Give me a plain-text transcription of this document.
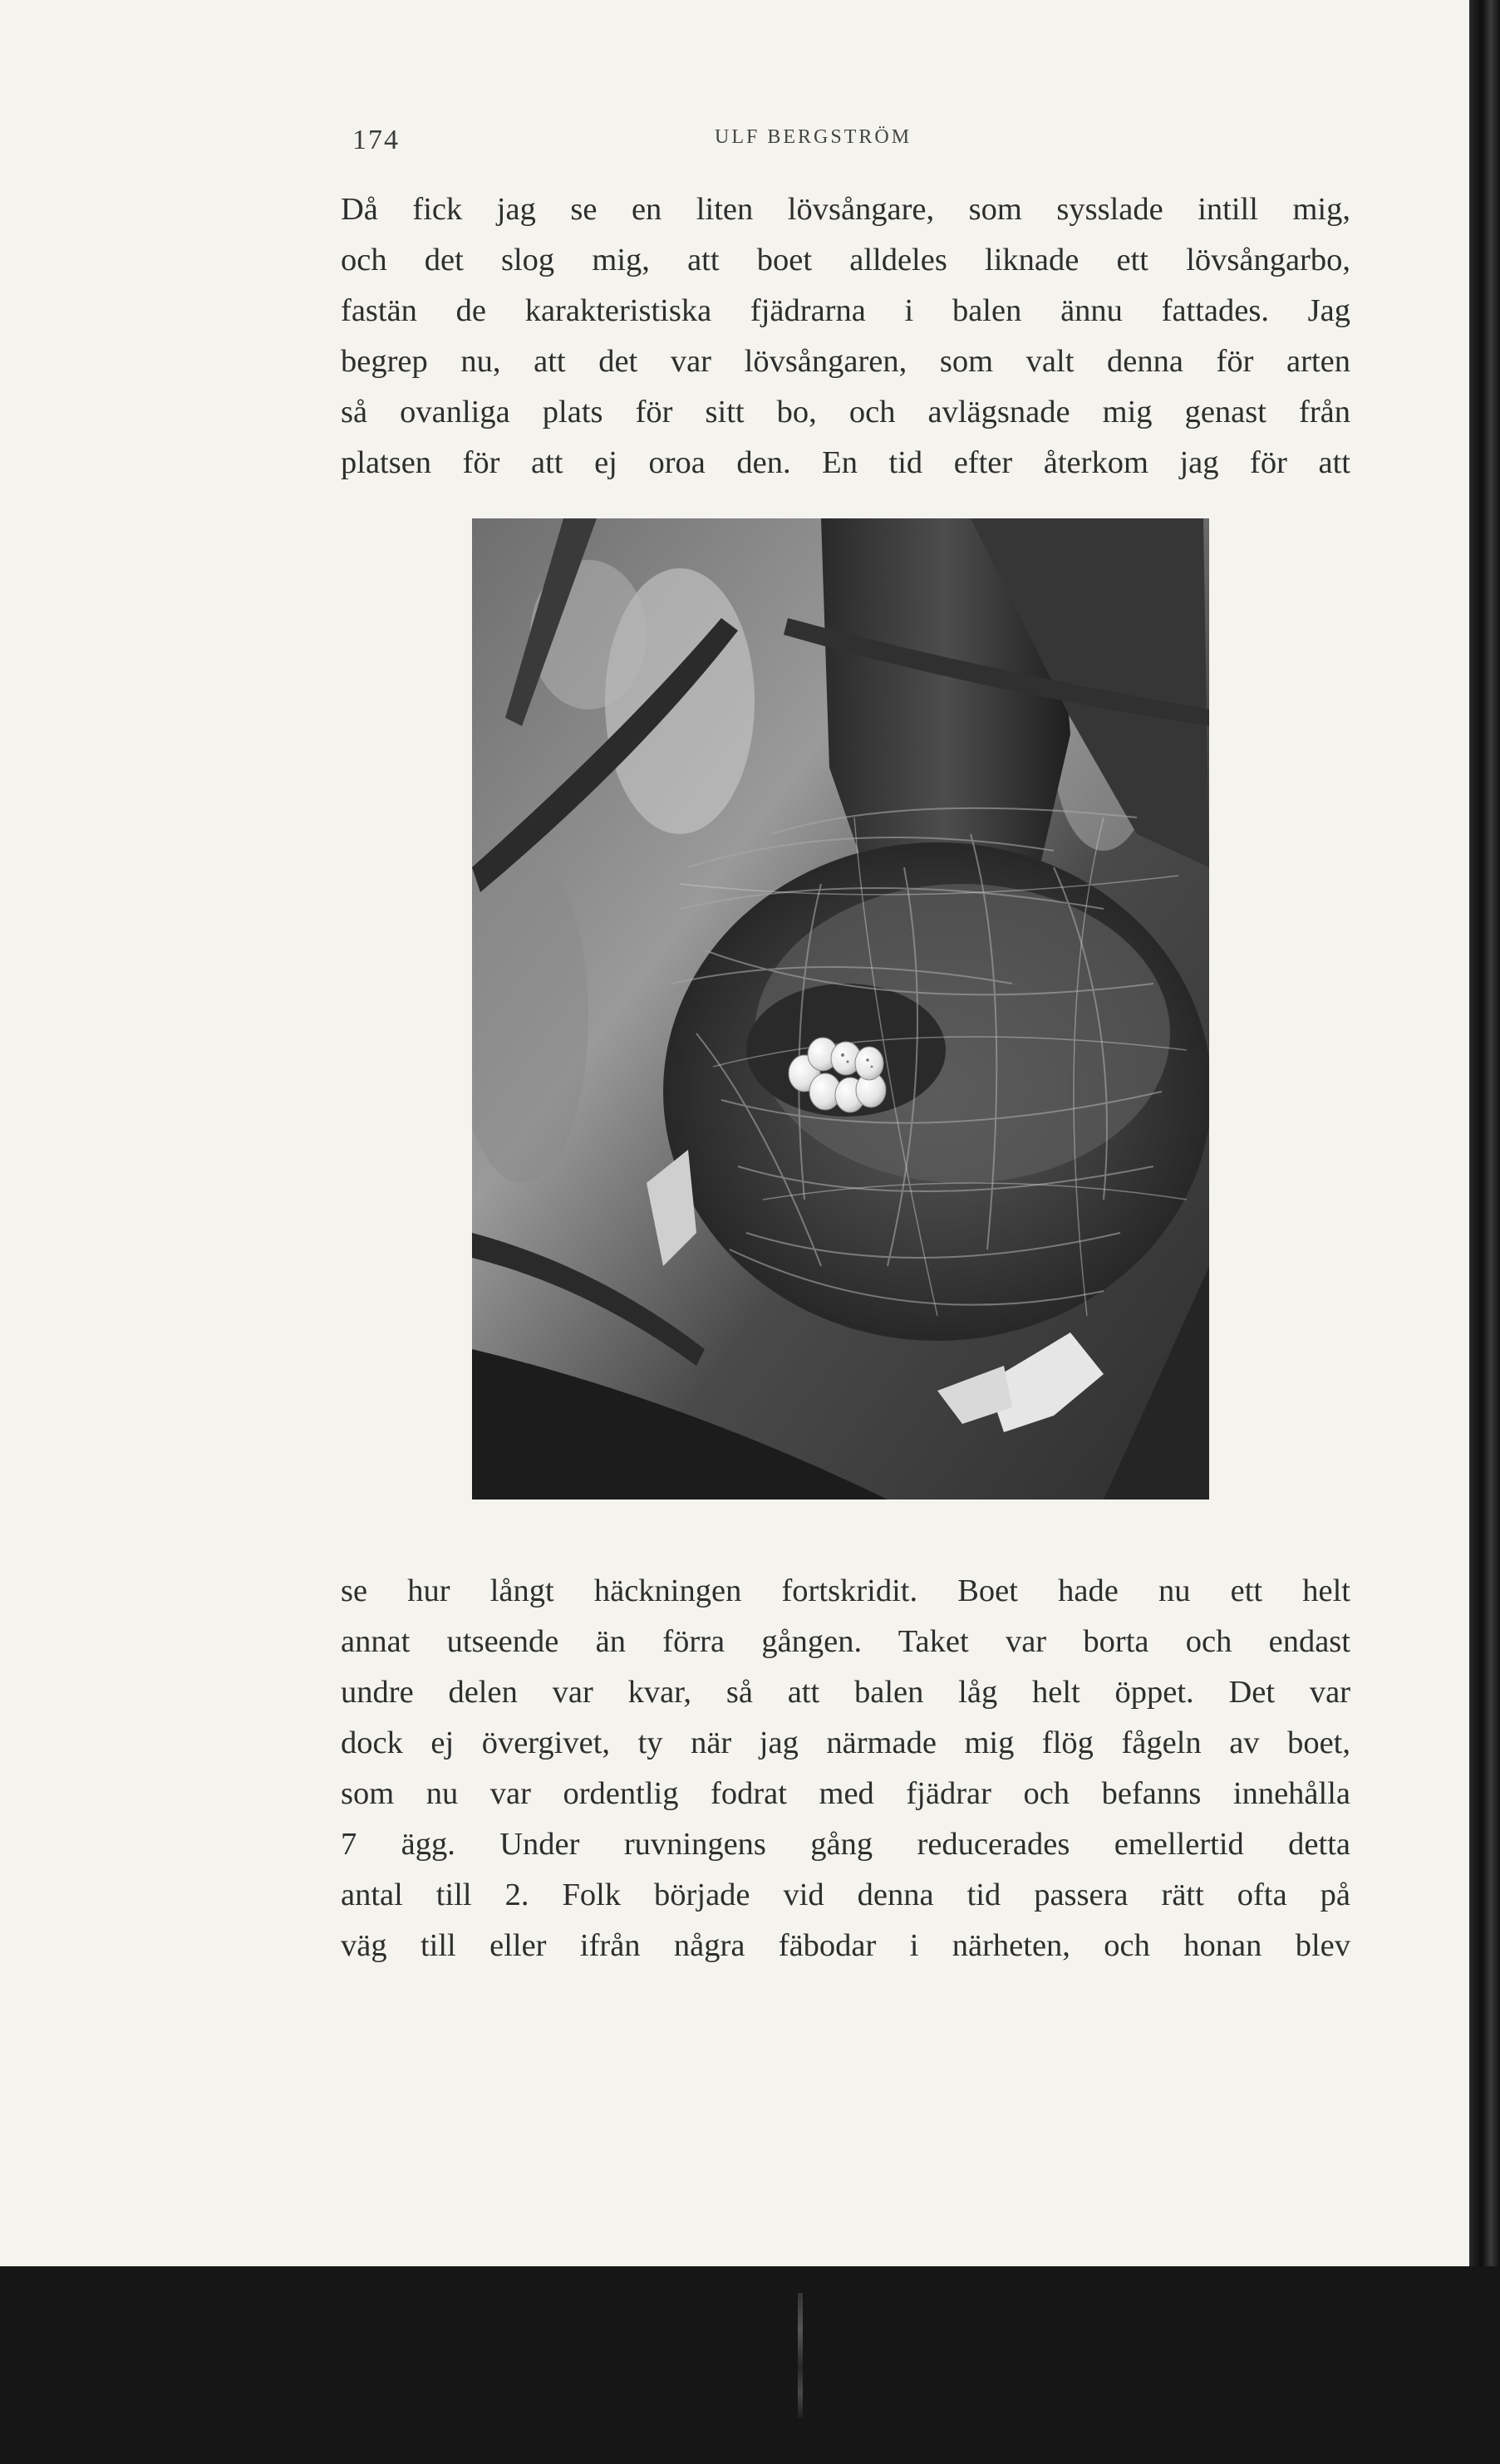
174	ULF BERGSTRÖM
Då fick jag se en liten lövsångare, som sysslade intill mig,
och det slog mig, att boet alldeles liknade ett lövsångarbo,
fastän de karakteristiska fjädrarna i balen ännu fattades. Jag
begrep nu, att det var lövsångaren, som valt denna för arten
så ovanliga plats för sitt bo, och avlägsnade mig genast från
platsen för att ej oroa den. En tid efter återkom jag för att
se hur långt häckningen fortskridit. Boet hade nu ett helt
annat utseende än förra gången. Taket var borta och endast
undre delen var kvar, så att balen låg helt öppet. Det var
dock ej övergivet, ty när jag närmade mig flög fågeln av boet,
som nu var ordentlig fodrat med fjädrar och befanns innehålla
7 ägg. Under ruvningens gång reducerades emellertid detta
antal till 2. Folk började vid denna tid passera rätt ofta på
väg till eller ifrån några fäbodar i närheten, och honan blev
